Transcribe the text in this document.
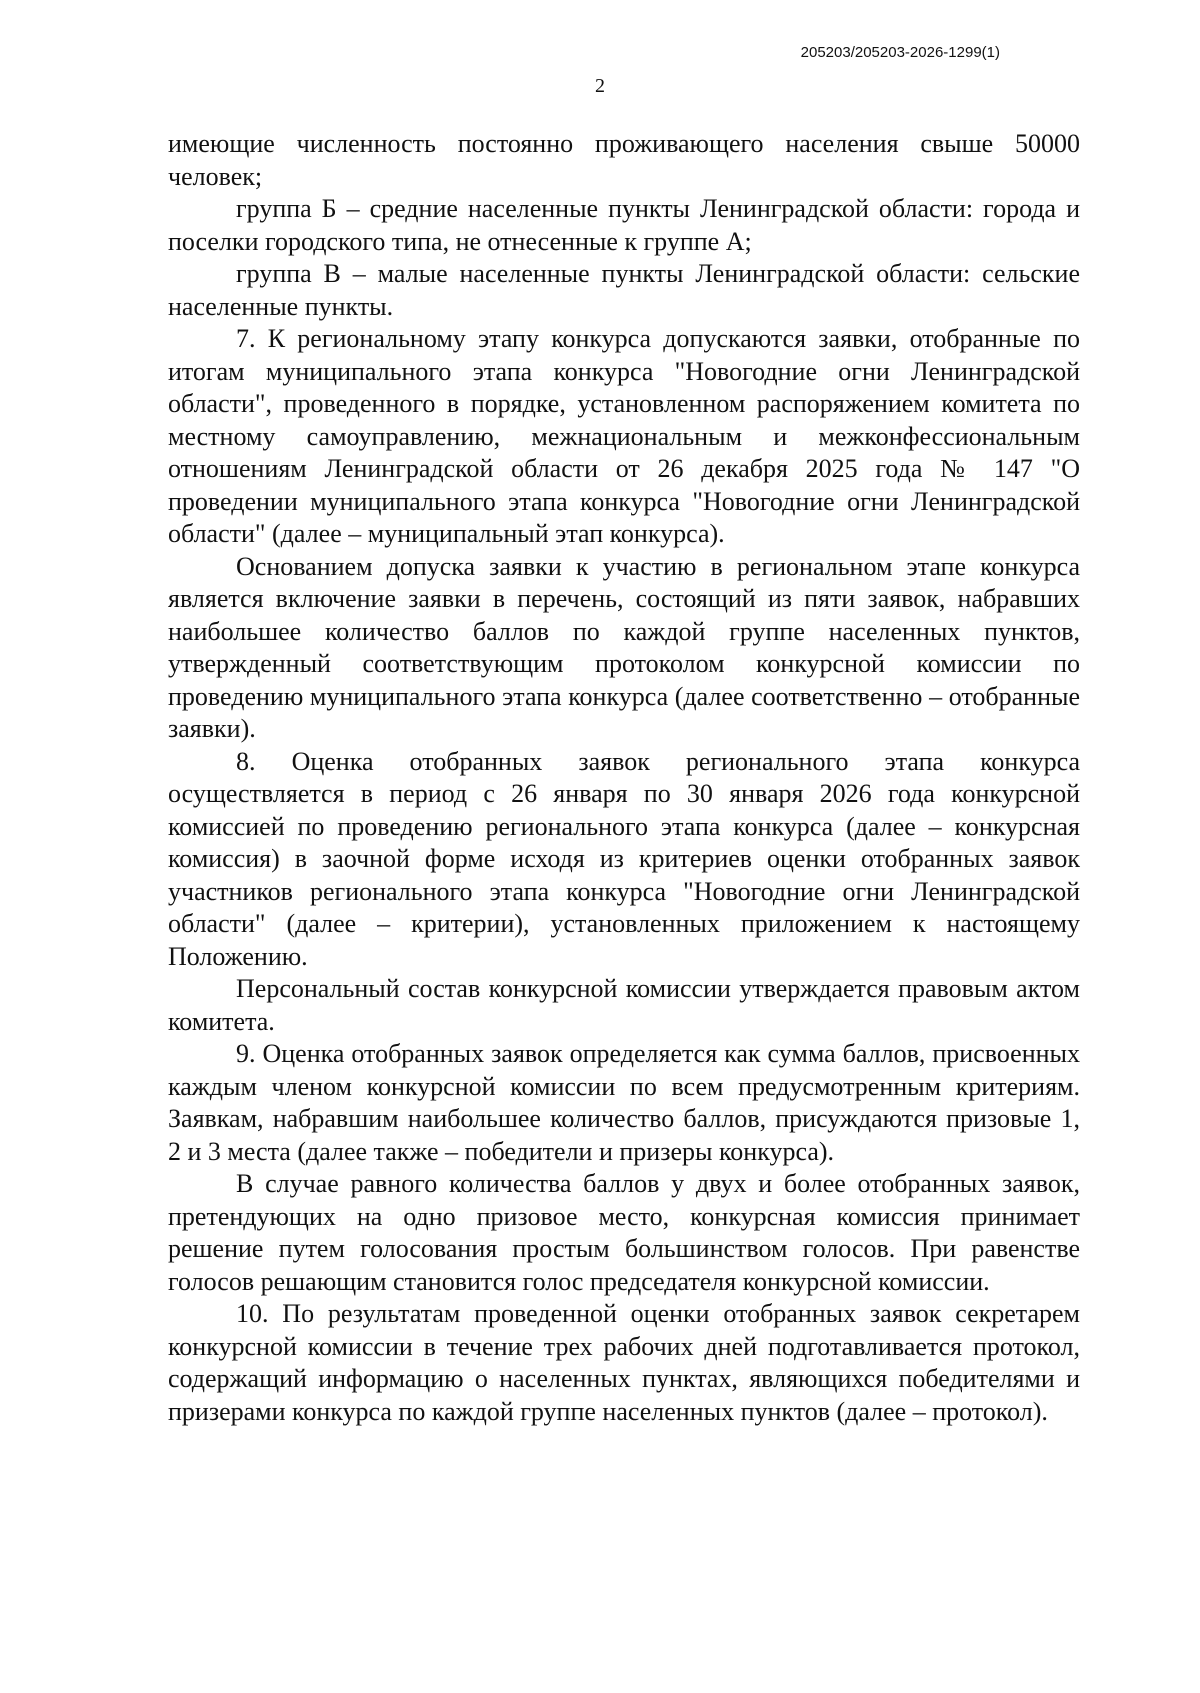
205203/205203-2026-1299(1)
2

имеющие численность постоянно проживающего населения свыше 50000 человек;

группа Б – средние населенные пункты Ленинградской области: города и поселки городского типа, не отнесенные к группе А;

группа В – малые населенные пункты Ленинградской области: сельские населенные пункты.

7. К региональному этапу конкурса допускаются заявки, отобранные по итогам муниципального этапа конкурса "Новогодние огни Ленинградской области", проведенного в порядке, установленном распоряжением комитета по местному самоуправлению, межнациональным и межконфессиональным отношениям Ленинградской области от 26 декабря 2025 года № 147 "О проведении муниципального этапа конкурса "Новогодние огни Ленинградской области" (далее – муниципальный этап конкурса).

Основанием допуска заявки к участию в региональном этапе конкурса является включение заявки в перечень, состоящий из пяти заявок, набравших наибольшее количество баллов по каждой группе населенных пунктов, утвержденный соответствующим протоколом конкурсной комиссии по проведению муниципального этапа конкурса (далее соответственно – отобранные заявки).

8. Оценка отобранных заявок регионального этапа конкурса осуществляется в период с 26 января по 30 января 2026 года конкурсной комиссией по проведению регионального этапа конкурса (далее – конкурсная комиссия) в заочной форме исходя из критериев оценки отобранных заявок участников регионального этапа конкурса "Новогодние огни Ленинградской области" (далее – критерии), установленных приложением к настоящему Положению.

Персональный состав конкурсной комиссии утверждается правовым актом комитета.

9. Оценка отобранных заявок определяется как сумма баллов, присвоенных каждым членом конкурсной комиссии по всем предусмотренным критериям. Заявкам, набравшим наибольшее количество баллов, присуждаются призовые 1, 2 и 3 места (далее также – победители и призеры конкурса).

В случае равного количества баллов у двух и более отобранных заявок, претендующих на одно призовое место, конкурсная комиссия принимает решение путем голосования простым большинством голосов. При равенстве голосов решающим становится голос председателя конкурсной комиссии.

10. По результатам проведенной оценки отобранных заявок секретарем конкурсной комиссии в течение трех рабочих дней подготавливается протокол, содержащий информацию о населенных пунктах, являющихся победителями и призерами конкурса по каждой группе населенных пунктов (далее – протокол).
